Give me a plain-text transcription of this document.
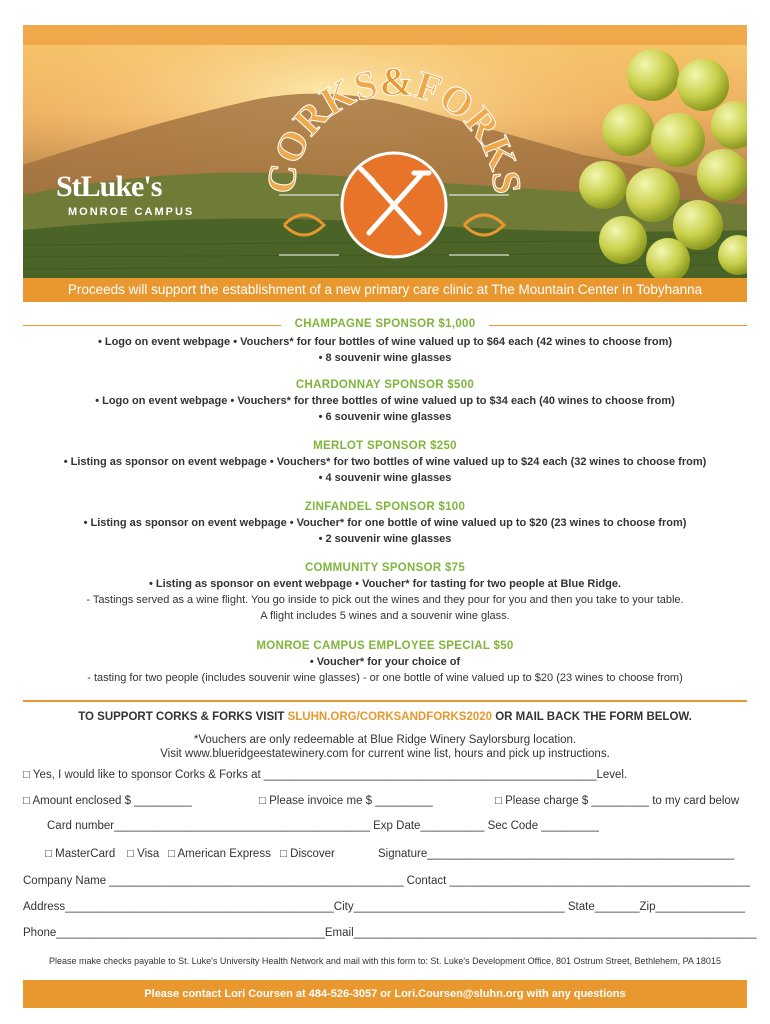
StLuke's
MONROE CAMPUS
CORKS&FORKS
Proceeds will support the establishment of a new primary care clinic at The Mountain Center in Tobyhanna
CHAMPAGNE SPONSOR $1,000
• Logo on event webpage • Vouchers* for four bottles of wine valued up to $64 each (42 wines to choose from)
• 8 souvenir wine glasses
CHARDONNAY SPONSOR $500
• Logo on event webpage • Vouchers* for three bottles of wine valued up to $34 each (40 wines to choose from)
• 6 souvenir wine glasses
MERLOT SPONSOR $250
• Listing as sponsor on event webpage • Vouchers* for two bottles of wine valued up to $24 each (32 wines to choose from)
• 4 souvenir wine glasses
ZINFANDEL SPONSOR $100
• Listing as sponsor on event webpage • Voucher* for one bottle of wine valued up to $20 (23 wines to choose from)
• 2 souvenir wine glasses
COMMUNITY SPONSOR $75
• Listing as sponsor on event webpage • Voucher* for tasting for two people at Blue Ridge.
- Tastings served as a wine flight. You go inside to pick out the wines and they pour for you and then you take to your table.
A flight includes 5 wines and a souvenir wine glass.
MONROE CAMPUS EMPLOYEE SPECIAL $50
• Voucher* for your choice of
- tasting for two people (includes souvenir wine glasses) - or one bottle of wine valued up to $20 (23 wines to choose from)
TO SUPPORT CORKS & FORKS VISIT SLUHN.ORG/CORKSANDFORKS2020 OR MAIL BACK THE FORM BELOW.
*Vouchers are only redeemable at Blue Ridge Winery Saylorsburg location.
Visit www.blueridgeestatewinery.com for current wine list, hours and pick up instructions.
□ Yes, I would like to sponsor Corks & Forks at ____________________________________________________Level.
□ Amount enclosed $ _________	□ Please invoice me $ _________	□ Please charge $ _________ to my card below
Card number________________________________________ Exp Date__________ Sec Code _________
□ MasterCard □ Visa □ American Express □ Discover	Signature________________________________________________
Company Name ______________________________________________ Contact _______________________________________________
Address__________________________________________City_________________________________ State_______Zip______________
Phone__________________________________________Email_______________________________________________________________
Please make checks payable to St. Luke's University Health Network and mail with this form to: St. Luke's Development Office, 801 Ostrum Street, Bethlehem, PA 18015
Please contact Lori Coursen at 484-526-3057 or Lori.Coursen@sluhn.org with any questions
